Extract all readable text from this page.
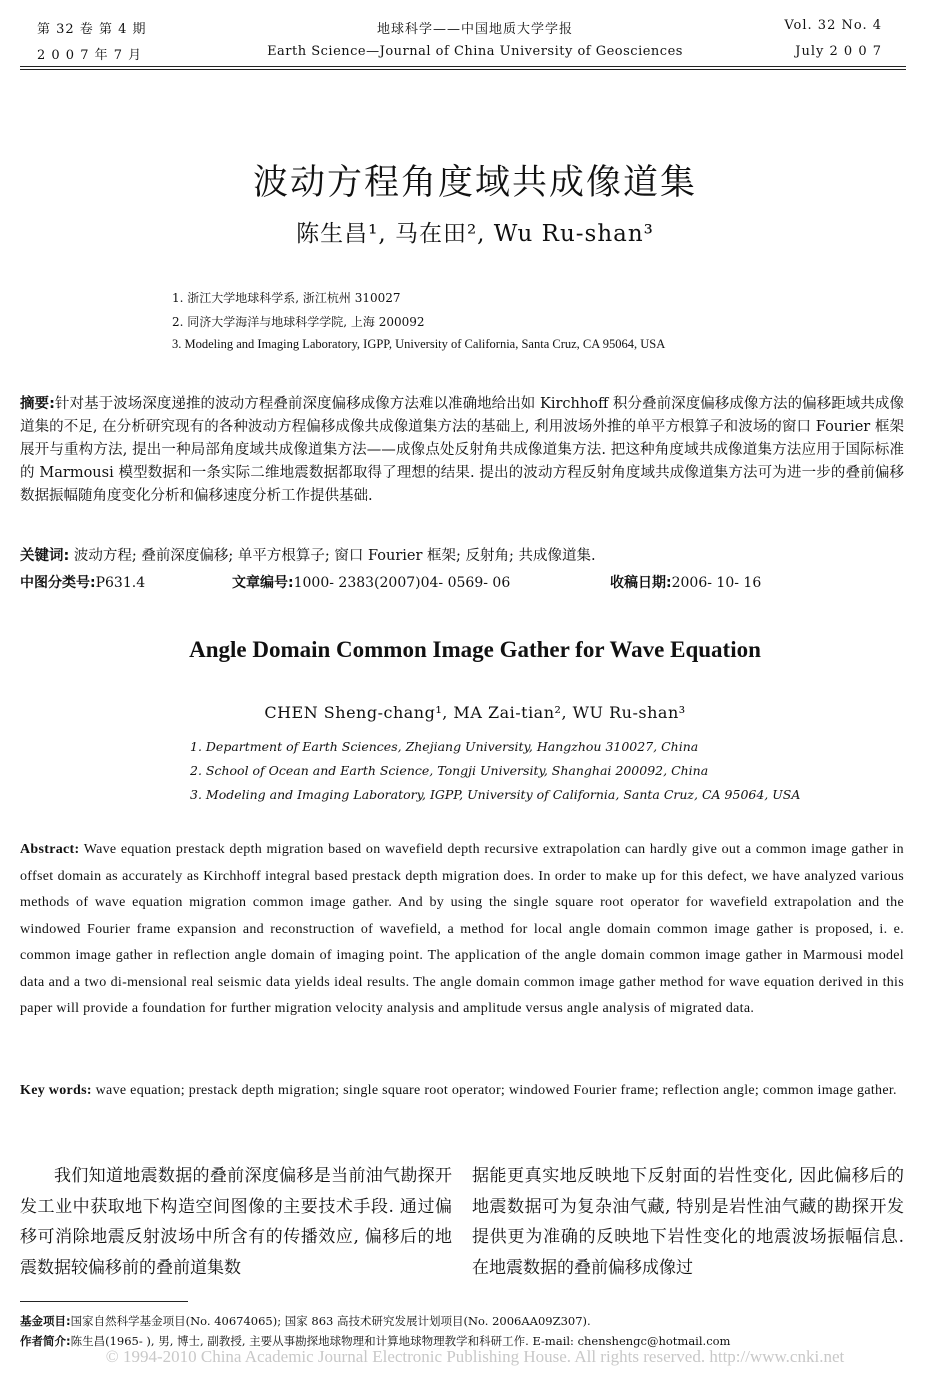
第 32 卷 第 4 期
2 0 0 7 年 7 月
地球科学——中国地质大学学报
Earth Science—Journal of China University of Geosciences
Vol. 32 No. 4
July 2 0 0 7
波动方程角度域共成像道集
陈生昌¹, 马在田², Wu Ru-shan³
1. 浙江大学地球科学系, 浙江杭州 310027
2. 同济大学海洋与地球科学学院, 上海 200092
3. Modeling and Imaging Laboratory, IGPP, University of California, Santa Cruz, CA 95064, USA
摘要:针对基于波场深度递推的波动方程叠前深度偏移成像方法难以准确地给出如 Kirchhoff 积分叠前深度偏移成像方法的偏移距域共成像道集的不足, 在分析研究现有的各种波动方程偏移成像共成像道集方法的基础上, 利用波场外推的单平方根算子和波场的窗口 Fourier 框架展开与重构方法, 提出一种局部角度域共成像道集方法——成像点处反射角共成像道集方法. 把这种角度域共成像道集方法应用于国际标准的 Marmousi 模型数据和一条实际二维地震数据都取得了理想的结果. 提出的波动方程反射角度域共成像道集方法可为进一步的叠前偏移数据振幅随角度变化分析和偏移速度分析工作提供基础.
关键词: 波动方程; 叠前深度偏移; 单平方根算子; 窗口 Fourier 框架; 反射角; 共成像道集.
中图分类号:P631.4	文章编号:1000- 2383(2007)04- 0569- 06	收稿日期:2006- 10- 16
Angle Domain Common Image Gather for Wave Equation
CHEN Sheng-chang¹, MA Zai-tian², WU Ru-shan³
1. Department of Earth Sciences, Zhejiang University, Hangzhou 310027, China
2. School of Ocean and Earth Science, Tongji University, Shanghai 200092, China
3. Modeling and Imaging Laboratory, IGPP, University of California, Santa Cruz, CA 95064, USA
Abstract: Wave equation prestack depth migration based on wavefield depth recursive extrapolation can hardly give out a common image gather in offset domain as accurately as Kirchhoff integral based prestack depth migration does. In order to make up for this defect, we have analyzed various methods of wave equation migration common image gather. And by using the single square root operator for wavefield extrapolation and the windowed Fourier frame expansion and reconstruction of wavefield, a method for local angle domain common image gather is proposed, i. e. common image gather in reflection angle domain of imaging point. The application of the angle domain common image gather in Marmousi model data and a two di-mensional real seismic data yields ideal results. The angle domain common image gather method for wave equation derived in this paper will provide a foundation for further migration velocity analysis and amplitude versus angle analysis of migrated data.
Key words: wave equation; prestack depth migration; single square root operator; windowed Fourier frame; reflection angle; common image gather.
我们知道地震数据的叠前深度偏移是当前油气勘探开发工业中获取地下构造空间图像的主要技术手段. 通过偏移可消除地震反射波场中所含有的传播效应, 偏移后的地震数据较偏移前的叠前道集数
据能更真实地反映地下反射面的岩性变化, 因此偏移后的地震数据可为复杂油气藏, 特别是岩性油气藏的勘探开发提供更为准确的反映地下岩性变化的地震波场振幅信息. 在地震数据的叠前偏移成像过
基金项目:国家自然科学基金项目(No. 40674065); 国家 863 高技术研究发展计划项目(No. 2006AA09Z307).
作者简介:陈生昌(1965- ), 男, 博士, 副教授, 主要从事勘探地球物理和计算地球物理教学和科研工作. E-mail: chenshengc@hotmail.com
© 1994-2010 China Academic Journal Electronic Publishing House. All rights reserved. http://www.cnki.net
